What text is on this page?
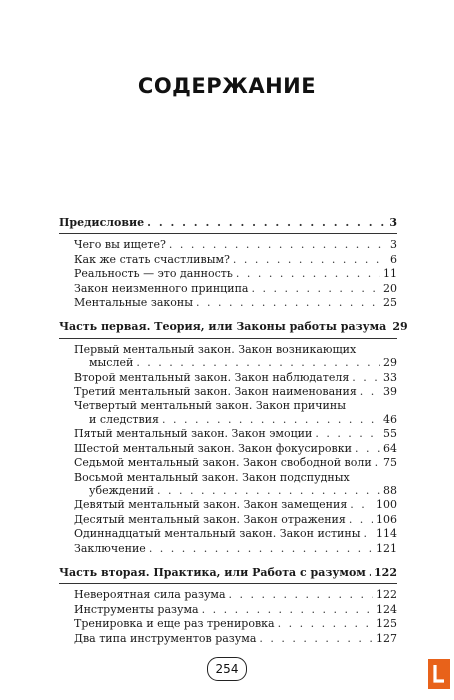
СОДЕРЖАНИЕ
Предисловие . . .	3
Чего вы ищете? . . .	3
Как же стать счастливым? . . .	6
Реальность — это данность . . .	11
Закон неизменного принципа . . .	20
Ментальные законы . . .	25
Часть первая. Теория, или Законы работы разума 29
Первый ментальный закон. Закон возникающих
мыслей . . .	29
Второй ментальный закон. Закон наблюдателя . . .	33
Третий ментальный закон. Закон наименования . . . 39
Четвертый ментальный закон. Закон причины
и следствия . . .	46
Пятый ментальный закон. Закон эмоции . . .	55
Шестой ментальный закон. Закон фокусировки . . .	64
Седьмой ментальный закон. Закон свободной воли . . . 75
Восьмой ментальный закон. Закон подспудных
убеждений . . .	88
Девятый ментальный закон. Закон замещения . . .	100
Десятый ментальный закон. Закон отражения . . .	106
Одиннадцатый ментальный закон. Закон истины . . . 114
Заключение . . .	121
Часть вторая. Практика, или Работа с разумом . . . 122
Невероятная сила разума . . .	122
Инструменты разума . . .	124
Тренировка и еще раз тренировка . . .	125
Два типа инструментов разума . . .	127
254
